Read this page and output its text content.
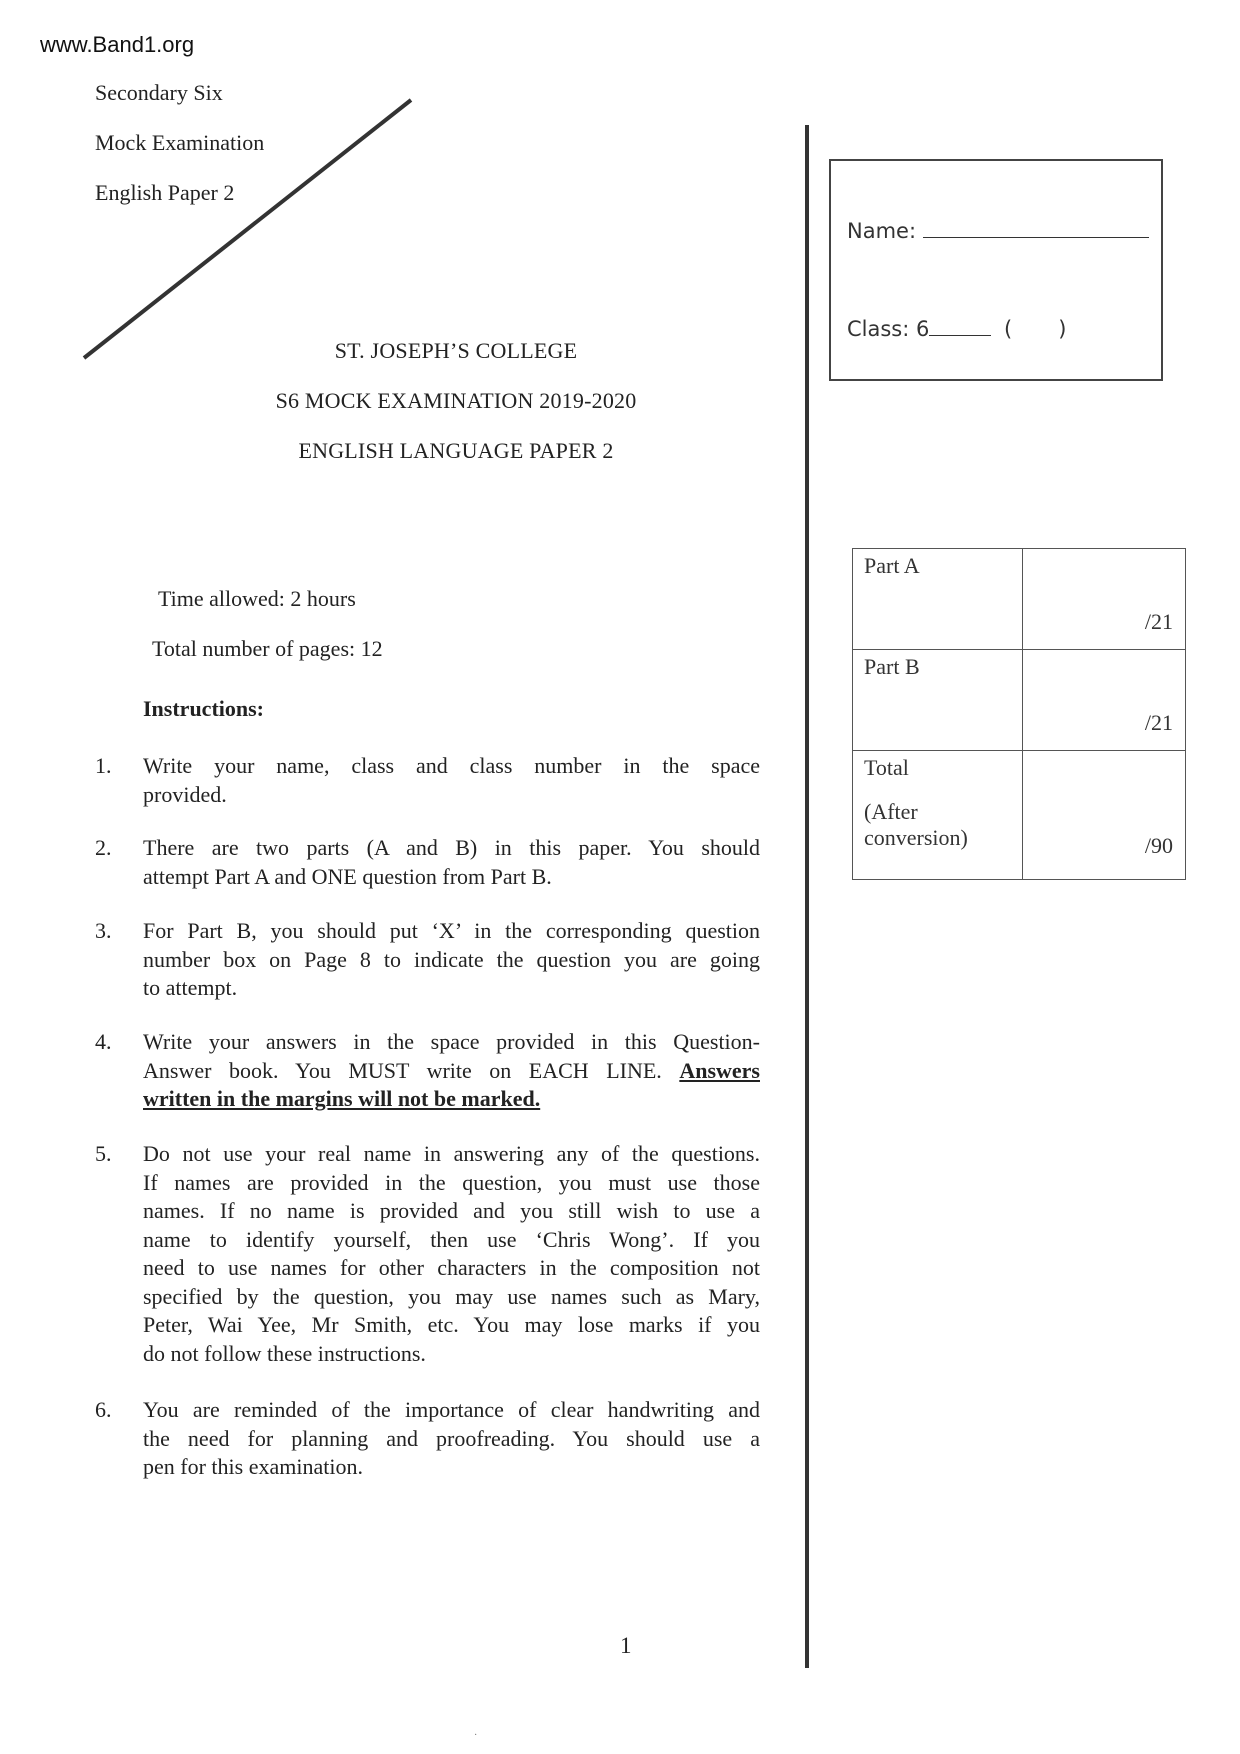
www.Band1.org
Secondary Six
Mock Examination
English Paper 2
ST. JOSEPH’S COLLEGE
S6 MOCK EXAMINATION 2019-2020
ENGLISH LANGUAGE PAPER 2
Name:
Class: 6	( )
Part A	/21
Part B	/21

Total
(After
conversion)	/90
Time allowed: 2 hours
Total number of pages: 12
Instructions:
1. Write your name, class and class number in the space
provided.
2. There are two parts (A and B) in this paper. You should
attempt Part A and ONE question from Part B.
3. For Part B, you should put ‘X’ in the corresponding question
number box on Page 8 to indicate the question you are going
to attempt.
4. Write your answers in the space provided in this Question-
Answer book. You MUST write on EACH LINE. Answers
written in the margins will not be marked.
5. Do not use your real name in answering any of the questions.
If names are provided in the question, you must use those
names. If no name is provided and you still wish to use a
name to identify yourself, then use ‘Chris Wong’. If you
need to use names for other characters in the composition not
specified by the question, you may use names such as Mary,
Peter, Wai Yee, Mr Smith, etc. You may lose marks if you
do not follow these instructions.
6. You are reminded of the importance of clear handwriting and
the need for planning and proofreading. You should use a
pen for this examination.
1
·
